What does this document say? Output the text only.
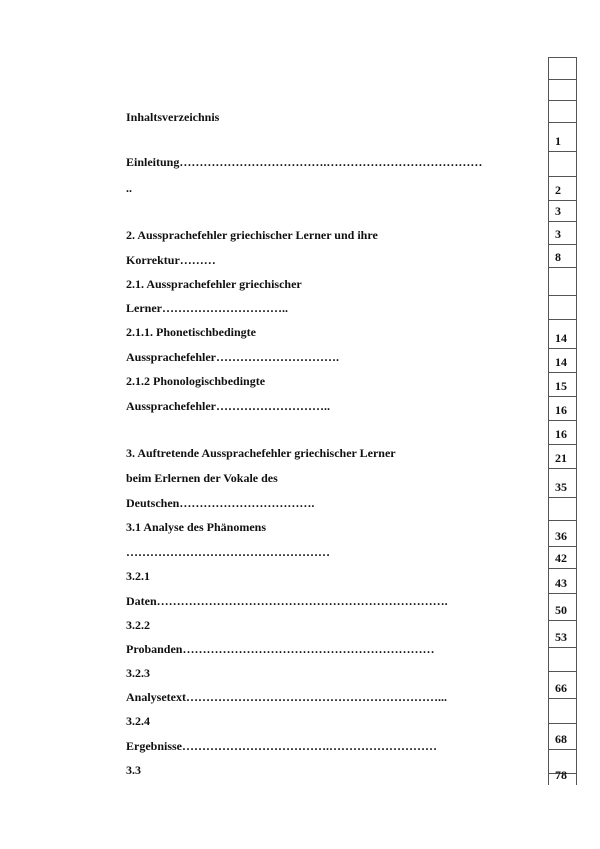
Inhaltsverzeichnis
Einleitung……………………………….…………………………………
..
2. Aussprachefehler griechischer Lerner und ihre
Korrektur………
2.1. Aussprachefehler griechischer
Lerner…………………………..
2.1.1. Phonetischbedingte
Aussprachefehler………………………….
2.1.2 Phonologischbedingte
Aussprachefehler………………………..
3. Auftretende Aussprachefehler griechischer Lerner
beim Erlernen der Vokale des
Deutschen…………………………….
3.1 Analyse des Phänomens
……………………………………………
3.2.1
Daten……………………………………………………………….
3.2.2
Probanden………………………………………………………
3.2.3
Analysetext………………………………………………………...
3.2.4
Ergebnisse……………………………….………………………
3.3
1
2
3
3
8
14
14
15
16
16
21
35
36
42
43
50
53
66
68
78
